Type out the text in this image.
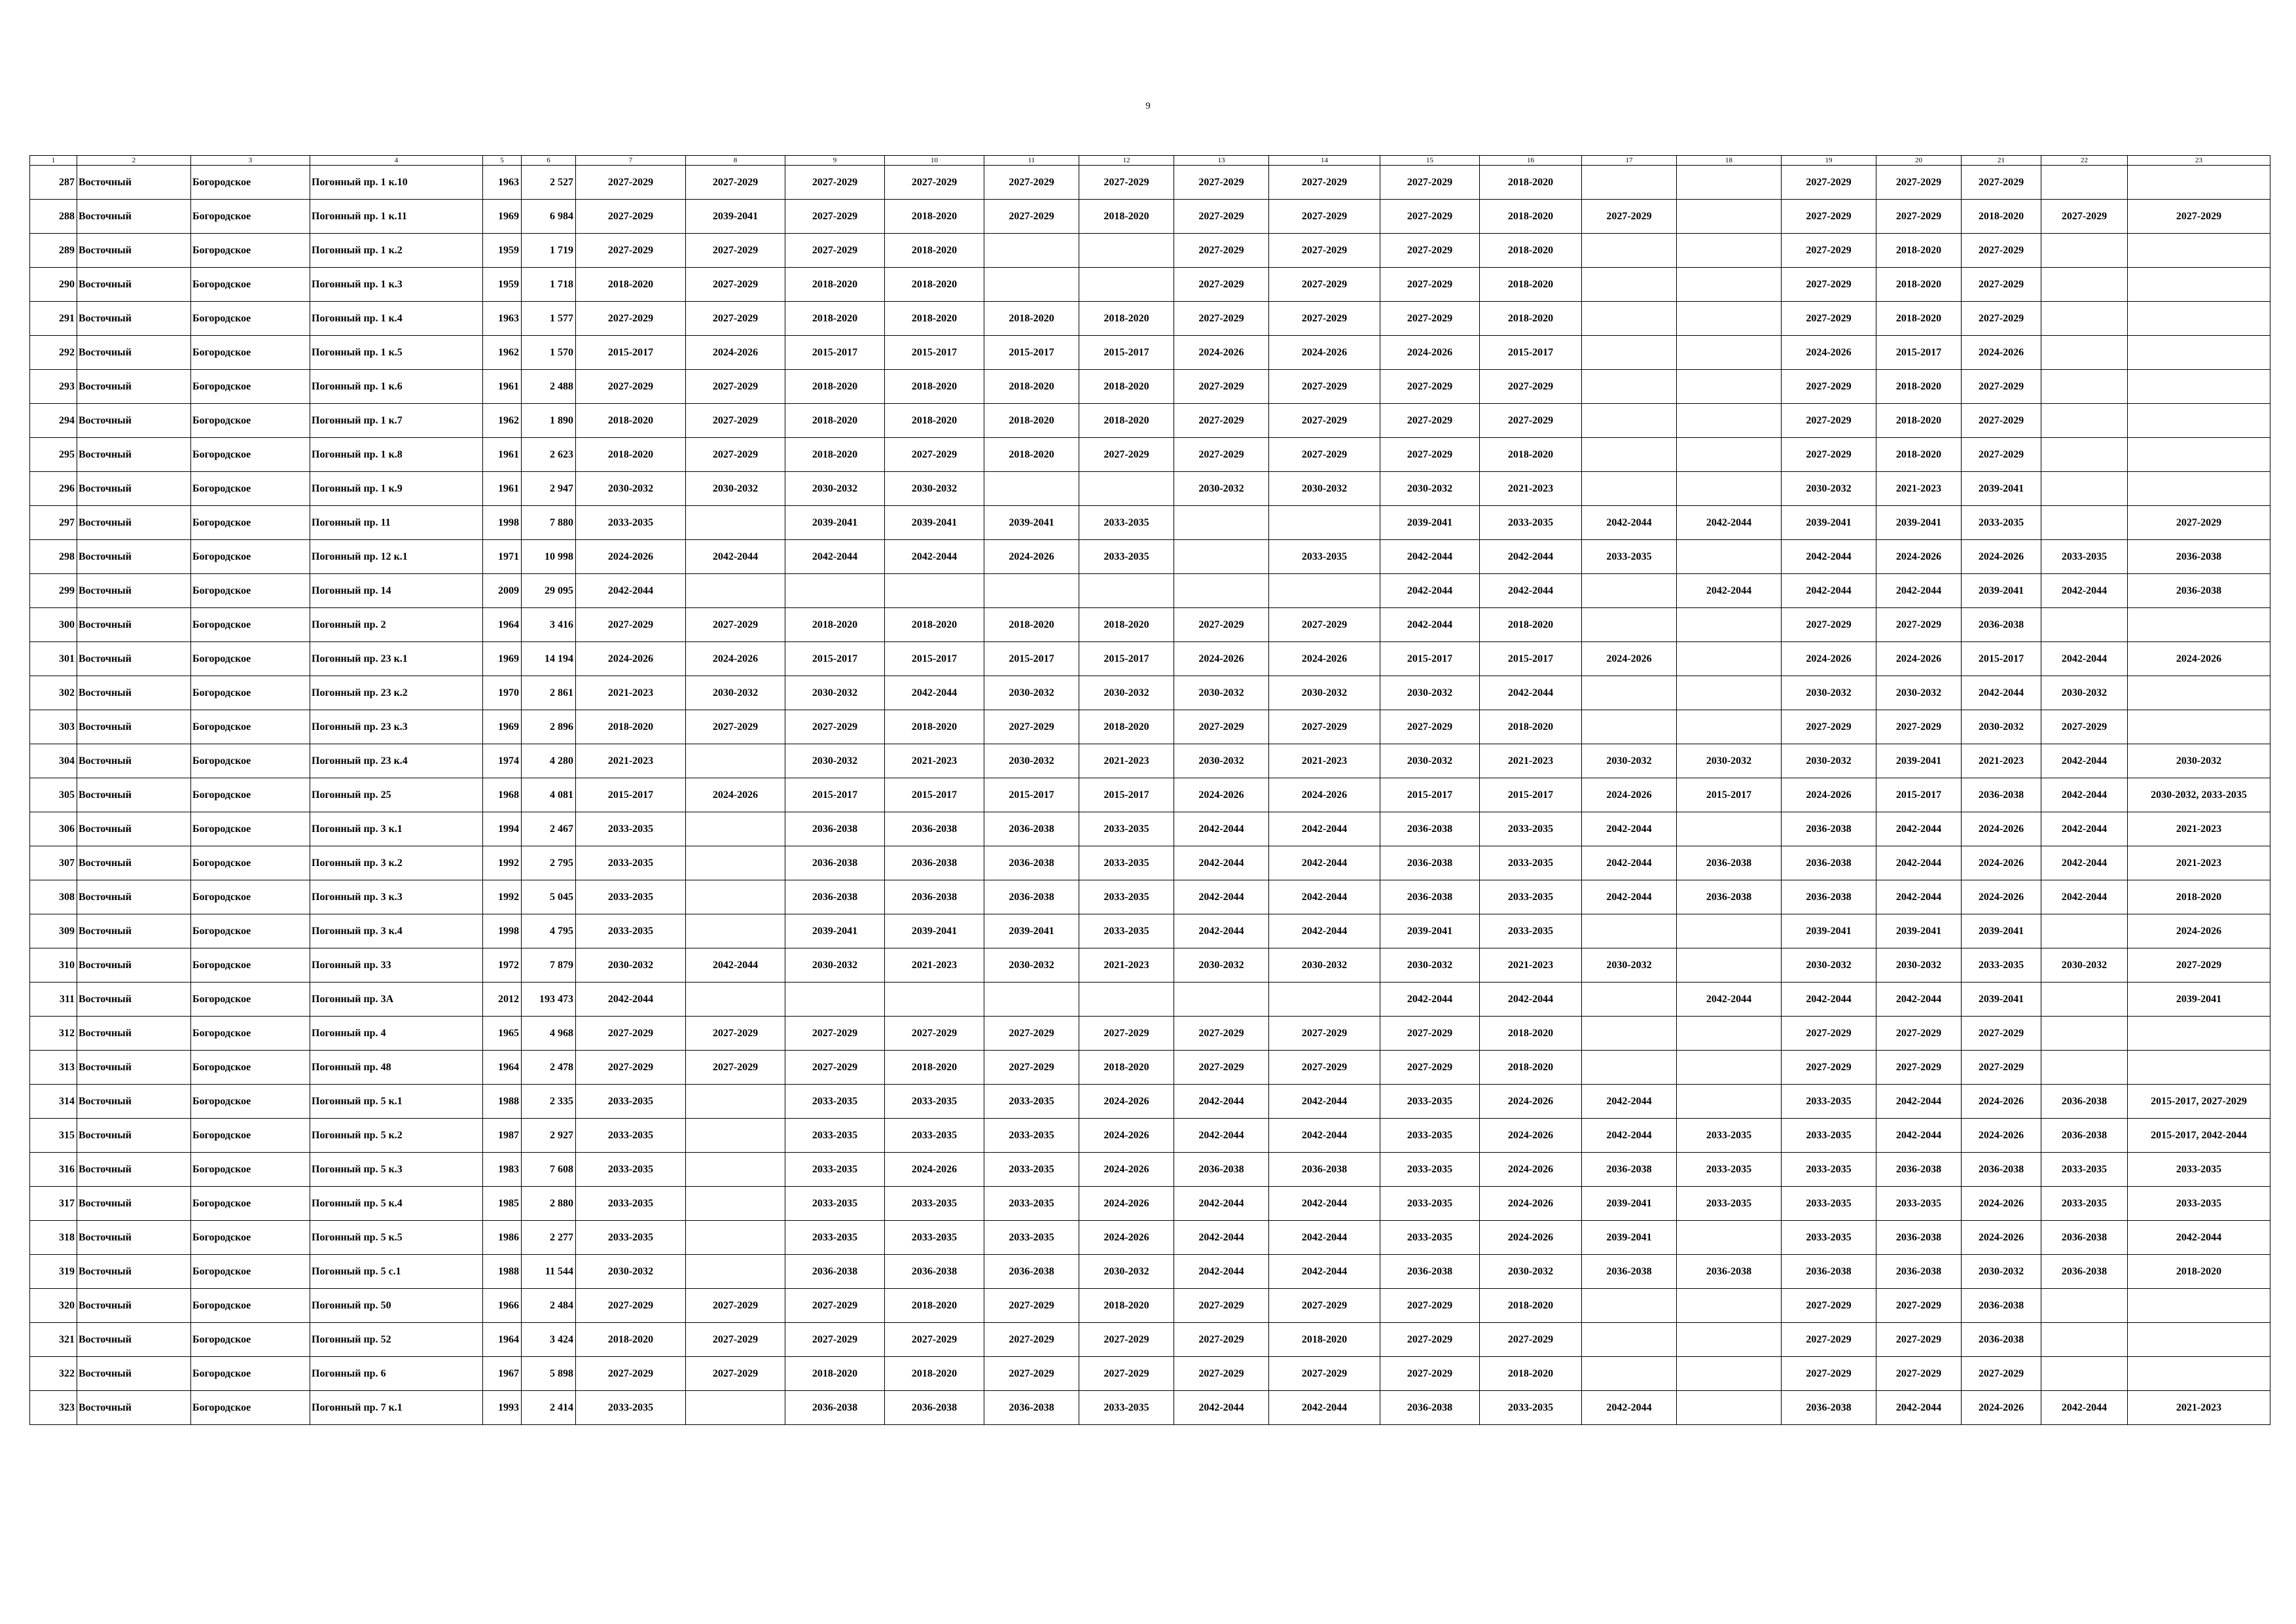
9
1	2	3	4	5	6	7	8	9	10	11	12	13	14	15	16	17	18	19	20	21	22	23
287	Восточный	Богородское	Погонный пр. 1 к.10	1963	2 527	2027-2029	2027-2029	2027-2029	2027-2029	2027-2029	2027-2029	2027-2029	2027-2029	2027-2029	2018-2020			2027-2029	2027-2029	2027-2029		
288	Восточный	Богородское	Погонный пр. 1 к.11	1969	6 984	2027-2029	2039-2041	2027-2029	2018-2020	2027-2029	2018-2020	2027-2029	2027-2029	2027-2029	2018-2020	2027-2029		2027-2029	2027-2029	2018-2020	2027-2029	2027-2029
289	Восточный	Богородское	Погонный пр. 1 к.2	1959	1 719	2027-2029	2027-2029	2027-2029	2018-2020			2027-2029	2027-2029	2027-2029	2018-2020			2027-2029	2018-2020	2027-2029		
290	Восточный	Богородское	Погонный пр. 1 к.3	1959	1 718	2018-2020	2027-2029	2018-2020	2018-2020			2027-2029	2027-2029	2027-2029	2018-2020			2027-2029	2018-2020	2027-2029		
291	Восточный	Богородское	Погонный пр. 1 к.4	1963	1 577	2027-2029	2027-2029	2018-2020	2018-2020	2018-2020	2018-2020	2027-2029	2027-2029	2027-2029	2018-2020			2027-2029	2018-2020	2027-2029		
292	Восточный	Богородское	Погонный пр. 1 к.5	1962	1 570	2015-2017	2024-2026	2015-2017	2015-2017	2015-2017	2015-2017	2024-2026	2024-2026	2024-2026	2015-2017			2024-2026	2015-2017	2024-2026		
293	Восточный	Богородское	Погонный пр. 1 к.6	1961	2 488	2027-2029	2027-2029	2018-2020	2018-2020	2018-2020	2018-2020	2027-2029	2027-2029	2027-2029	2027-2029			2027-2029	2018-2020	2027-2029		
294	Восточный	Богородское	Погонный пр. 1 к.7	1962	1 890	2018-2020	2027-2029	2018-2020	2018-2020	2018-2020	2018-2020	2027-2029	2027-2029	2027-2029	2027-2029			2027-2029	2018-2020	2027-2029		
295	Восточный	Богородское	Погонный пр. 1 к.8	1961	2 623	2018-2020	2027-2029	2018-2020	2027-2029	2018-2020	2027-2029	2027-2029	2027-2029	2027-2029	2018-2020			2027-2029	2018-2020	2027-2029		
296	Восточный	Богородское	Погонный пр. 1 к.9	1961	2 947	2030-2032	2030-2032	2030-2032	2030-2032			2030-2032	2030-2032	2030-2032	2021-2023			2030-2032	2021-2023	2039-2041		
297	Восточный	Богородское	Погонный пр. 11	1998	7 880	2033-2035		2039-2041	2039-2041	2039-2041	2033-2035			2039-2041	2033-2035	2042-2044	2042-2044	2039-2041	2039-2041	2033-2035		2027-2029
298	Восточный	Богородское	Погонный пр. 12 к.1	1971	10 998	2024-2026	2042-2044	2042-2044	2042-2044	2024-2026	2033-2035		2033-2035	2042-2044	2042-2044	2033-2035		2042-2044	2024-2026	2024-2026	2033-2035	2036-2038
299	Восточный	Богородское	Погонный пр. 14	2009	29 095	2042-2044								2042-2044	2042-2044		2042-2044	2042-2044	2042-2044	2039-2041	2042-2044	2036-2038
300	Восточный	Богородское	Погонный пр. 2	1964	3 416	2027-2029	2027-2029	2018-2020	2018-2020	2018-2020	2018-2020	2027-2029	2027-2029	2042-2044	2018-2020			2027-2029	2027-2029	2036-2038		
301	Восточный	Богородское	Погонный пр. 23 к.1	1969	14 194	2024-2026	2024-2026	2015-2017	2015-2017	2015-2017	2015-2017	2024-2026	2024-2026	2015-2017	2015-2017	2024-2026		2024-2026	2024-2026	2015-2017	2042-2044	2024-2026
302	Восточный	Богородское	Погонный пр. 23 к.2	1970	2 861	2021-2023	2030-2032	2030-2032	2042-2044	2030-2032	2030-2032	2030-2032	2030-2032	2030-2032	2042-2044			2030-2032	2030-2032	2042-2044	2030-2032	
303	Восточный	Богородское	Погонный пр. 23 к.3	1969	2 896	2018-2020	2027-2029	2027-2029	2018-2020	2027-2029	2018-2020	2027-2029	2027-2029	2027-2029	2018-2020			2027-2029	2027-2029	2030-2032	2027-2029	
304	Восточный	Богородское	Погонный пр. 23 к.4	1974	4 280	2021-2023		2030-2032	2021-2023	2030-2032	2021-2023	2030-2032	2021-2023	2030-2032	2021-2023	2030-2032	2030-2032	2030-2032	2039-2041	2021-2023	2042-2044	2030-2032
305	Восточный	Богородское	Погонный пр. 25	1968	4 081	2015-2017	2024-2026	2015-2017	2015-2017	2015-2017	2015-2017	2024-2026	2024-2026	2015-2017	2015-2017	2024-2026	2015-2017	2024-2026	2015-2017	2036-2038	2042-2044	2030-2032, 2033-2035
306	Восточный	Богородское	Погонный пр. 3 к.1	1994	2 467	2033-2035		2036-2038	2036-2038	2036-2038	2033-2035	2042-2044	2042-2044	2036-2038	2033-2035	2042-2044		2036-2038	2042-2044	2024-2026	2042-2044	2021-2023
307	Восточный	Богородское	Погонный пр. 3 к.2	1992	2 795	2033-2035		2036-2038	2036-2038	2036-2038	2033-2035	2042-2044	2042-2044	2036-2038	2033-2035	2042-2044	2036-2038	2036-2038	2042-2044	2024-2026	2042-2044	2021-2023
308	Восточный	Богородское	Погонный пр. 3 к.3	1992	5 045	2033-2035		2036-2038	2036-2038	2036-2038	2033-2035	2042-2044	2042-2044	2036-2038	2033-2035	2042-2044	2036-2038	2036-2038	2042-2044	2024-2026	2042-2044	2018-2020
309	Восточный	Богородское	Погонный пр. 3 к.4	1998	4 795	2033-2035		2039-2041	2039-2041	2039-2041	2033-2035	2042-2044	2042-2044	2039-2041	2033-2035			2039-2041	2039-2041	2039-2041		2024-2026
310	Восточный	Богородское	Погонный пр. 33	1972	7 879	2030-2032	2042-2044	2030-2032	2021-2023	2030-2032	2021-2023	2030-2032	2030-2032	2030-2032	2021-2023	2030-2032		2030-2032	2030-2032	2033-2035	2030-2032	2027-2029
311	Восточный	Богородское	Погонный пр. 3А	2012	193 473	2042-2044								2042-2044	2042-2044		2042-2044	2042-2044	2042-2044	2039-2041		2039-2041
312	Восточный	Богородское	Погонный пр. 4	1965	4 968	2027-2029	2027-2029	2027-2029	2027-2029	2027-2029	2027-2029	2027-2029	2027-2029	2027-2029	2018-2020			2027-2029	2027-2029	2027-2029		
313	Восточный	Богородское	Погонный пр. 48	1964	2 478	2027-2029	2027-2029	2027-2029	2018-2020	2027-2029	2018-2020	2027-2029	2027-2029	2027-2029	2018-2020			2027-2029	2027-2029	2027-2029		
314	Восточный	Богородское	Погонный пр. 5 к.1	1988	2 335	2033-2035		2033-2035	2033-2035	2033-2035	2024-2026	2042-2044	2042-2044	2033-2035	2024-2026	2042-2044		2033-2035	2042-2044	2024-2026	2036-2038	2015-2017, 2027-2029
315	Восточный	Богородское	Погонный пр. 5 к.2	1987	2 927	2033-2035		2033-2035	2033-2035	2033-2035	2024-2026	2042-2044	2042-2044	2033-2035	2024-2026	2042-2044	2033-2035	2033-2035	2042-2044	2024-2026	2036-2038	2015-2017, 2042-2044
316	Восточный	Богородское	Погонный пр. 5 к.3	1983	7 608	2033-2035		2033-2035	2024-2026	2033-2035	2024-2026	2036-2038	2036-2038	2033-2035	2024-2026	2036-2038	2033-2035	2033-2035	2036-2038	2036-2038	2033-2035	2033-2035
317	Восточный	Богородское	Погонный пр. 5 к.4	1985	2 880	2033-2035		2033-2035	2033-2035	2033-2035	2024-2026	2042-2044	2042-2044	2033-2035	2024-2026	2039-2041	2033-2035	2033-2035	2033-2035	2024-2026	2033-2035	2033-2035
318	Восточный	Богородское	Погонный пр. 5 к.5	1986	2 277	2033-2035		2033-2035	2033-2035	2033-2035	2024-2026	2042-2044	2042-2044	2033-2035	2024-2026	2039-2041		2033-2035	2036-2038	2024-2026	2036-2038	2042-2044
319	Восточный	Богородское	Погонный пр. 5 с.1	1988	11 544	2030-2032		2036-2038	2036-2038	2036-2038	2030-2032	2042-2044	2042-2044	2036-2038	2030-2032	2036-2038	2036-2038	2036-2038	2036-2038	2030-2032	2036-2038	2018-2020
320	Восточный	Богородское	Погонный пр. 50	1966	2 484	2027-2029	2027-2029	2027-2029	2018-2020	2027-2029	2018-2020	2027-2029	2027-2029	2027-2029	2018-2020			2027-2029	2027-2029	2036-2038		
321	Восточный	Богородское	Погонный пр. 52	1964	3 424	2018-2020	2027-2029	2027-2029	2027-2029	2027-2029	2027-2029	2027-2029	2018-2020	2027-2029	2027-2029			2027-2029	2027-2029	2036-2038		
322	Восточный	Богородское	Погонный пр. 6	1967	5 898	2027-2029	2027-2029	2018-2020	2018-2020	2027-2029	2027-2029	2027-2029	2027-2029	2027-2029	2018-2020			2027-2029	2027-2029	2027-2029		
323	Восточный	Богородское	Погонный пр. 7 к.1	1993	2 414	2033-2035		2036-2038	2036-2038	2036-2038	2033-2035	2042-2044	2042-2044	2036-2038	2033-2035	2042-2044		2036-2038	2042-2044	2024-2026	2042-2044	2021-2023
